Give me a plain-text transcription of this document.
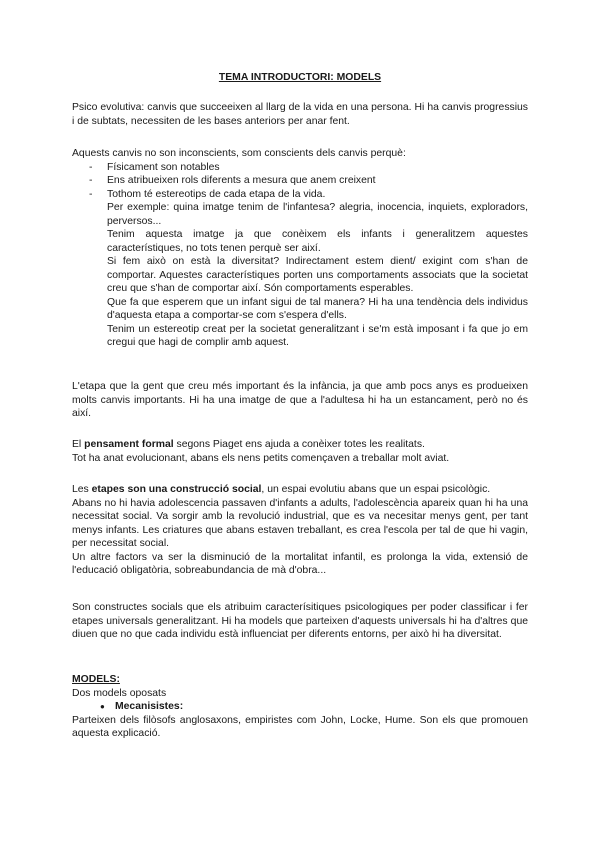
TEMA INTRODUCTORI: MODELS
Psico evolutiva: canvis que succeeixen al llarg de la vida en una persona. Hi ha canvis progressius i de subtats, necessiten de les bases anteriors per anar fent.

Aquests canvis no son inconscients, som conscients dels canvis perquè:

- Físicament son notables
- Ens atribueixen rols diferents a mesura que anem creixent
- Tothom té estereotips de cada etapa de la vida.

Per exemple: quina imatge tenim de l'infantesa? alegria, inocencia, inquiets, exploradors, perversos...

Tenim aquesta imatge ja que conèixem els infants i generalitzem aquestes característiques, no tots tenen perquè ser així.

Si fem això on està la diversitat? Indirectament estem dient/ exigint com s'han de comportar. Aquestes característiques porten uns comportaments associats que la societat creu que s'han de comportar així. Són comportaments esperables.

Que fa que esperem que un infant sigui de tal manera? Hi ha una tendència dels individus d'aquesta etapa a comportar-se com s'espera d'ells.

Tenim un estereotip creat per la societat generalitzant i se'm està imposant i fa que jo em cregui que hagi de complir amb aquest.

L'etapa que la gent que creu més important és la infància, ja que amb pocs anys es produeixen molts canvis importants. Hi ha una imatge de que a l'adultesa hi ha un estancament, però no és així.

El pensament formal segons Piaget ens ajuda a conèixer totes les realitats.

Tot ha anat evolucionant, abans els nens petits començaven a treballar molt aviat.

Les etapes son una construcció social, un espai evolutiu abans que un espai psicològic.

Abans no hi havia adolescencia passaven d'infants a adults, l'adolescència apareix quan hi ha una necessitat social. Va sorgir amb la revolució industrial, que es va necesitar menys gent, per tant menys infants. Les criatures que abans estaven treballant, es crea l'escola per tal de que hi vagin, per necessitat social.

Un altre factors va ser la disminució de la mortalitat infantil, es prolonga la vida, extensió de l'educació obligatòria, sobreabundancia de mà d'obra...

Son constructes socials que els atribuim caracterísitiques psicologiques per poder classificar i fer etapes universals generalitzant. Hi ha models que parteixen d'aquests universals hi ha d'altres que diuen que no que cada individu està influenciat per diferents entorns, per això hi ha diversitat.

MODELS:

Dos models oposats

● Mecanisistes:

Parteixen dels filòsofs anglosaxons, empiristes com John, Locke, Hume. Son els que promouen aquesta explicació.
